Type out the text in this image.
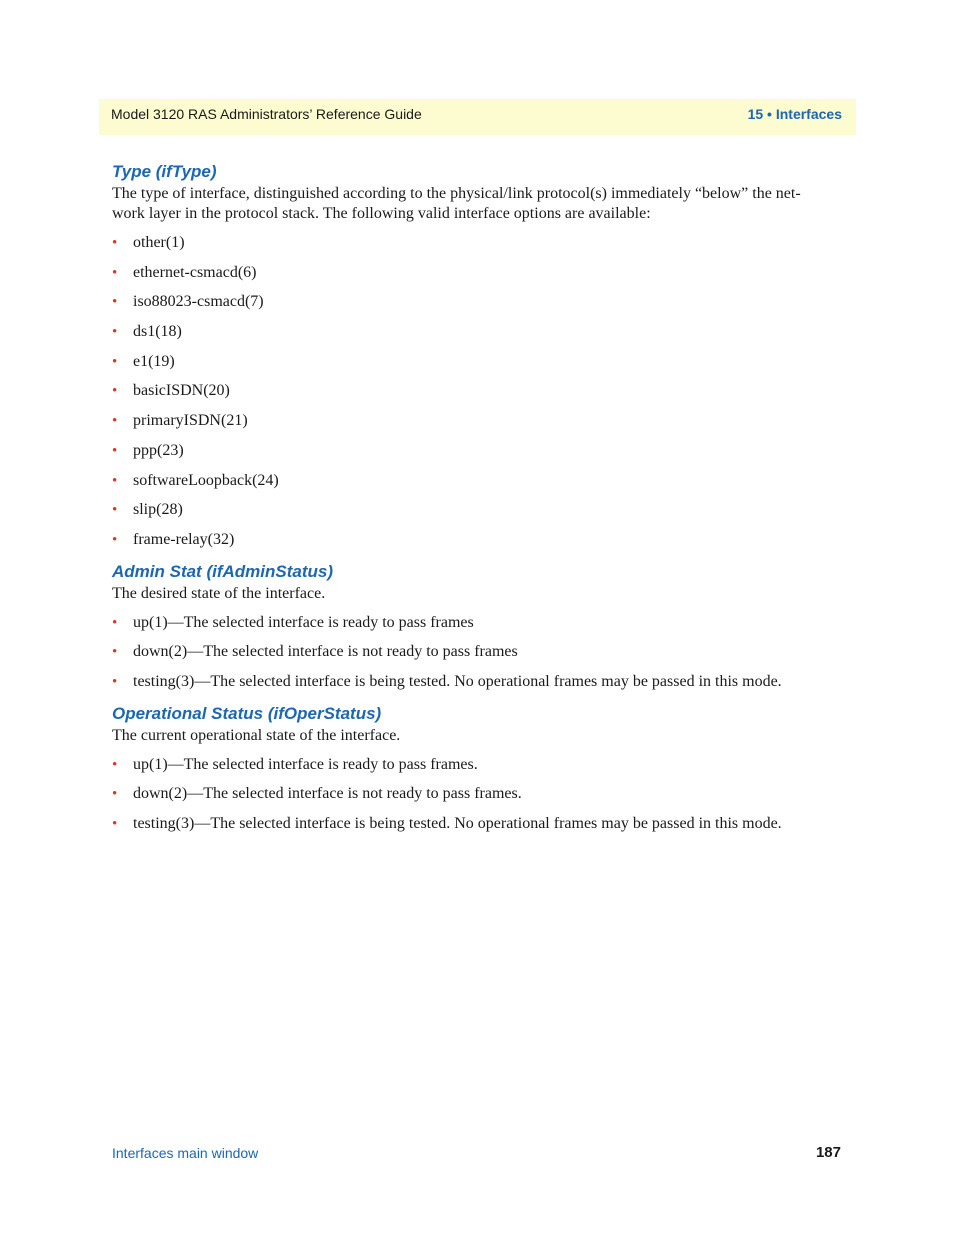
Model 3120 RAS Administrators’ Reference Guide	15 • Interfaces
Type (ifType)

The type of interface, distinguished according to the physical/link protocol(s) immediately “below” the net-
work layer in the protocol stack. The following valid interface options are available:

• other(1)
• ethernet-csmacd(6)
• iso88023-csmacd(7)
• ds1(18)
• e1(19)
• basicISDN(20)
• primaryISDN(21)
• ppp(23)
• softwareLoopback(24)
• slip(28)
• frame-relay(32)
Admin Stat (ifAdminStatus)

The desired state of the interface.

• up(1)—The selected interface is ready to pass frames
• down(2)—The selected interface is not ready to pass frames
• testing(3)—The selected interface is being tested. No operational frames may be passed in this mode.
Operational Status (ifOperStatus)

The current operational state of the interface.

• up(1)—The selected interface is ready to pass frames.
• down(2)—The selected interface is not ready to pass frames.
• testing(3)—The selected interface is being tested. No operational frames may be passed in this mode.
Interfaces main window	187
